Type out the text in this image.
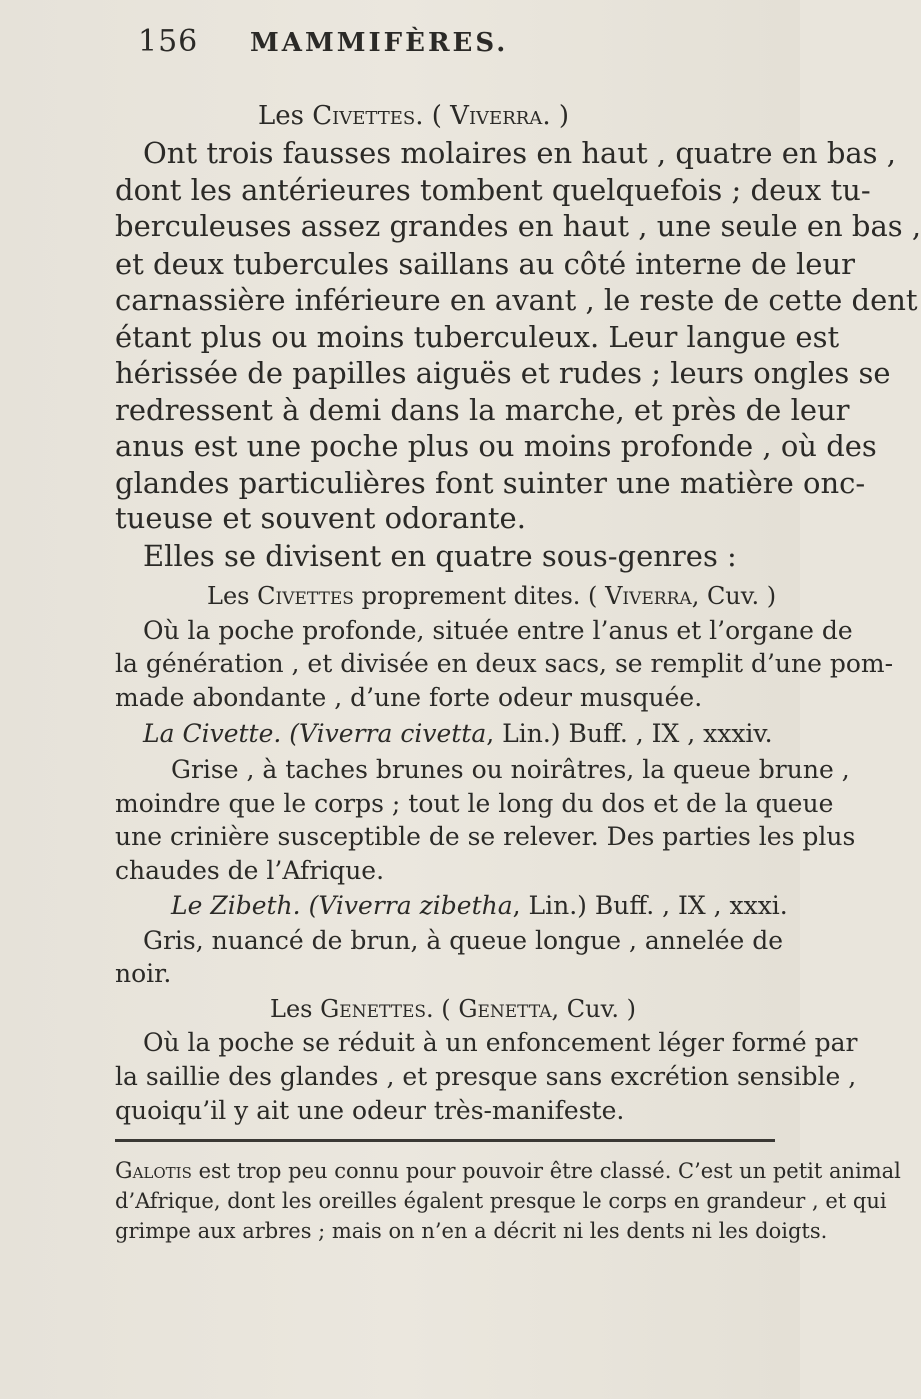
156 MAMMIFÈRES.
Les Civettes. ( Viverra. )
Ont trois fausses molaires en haut , quatre en bas ,
dont les antérieures tombent quelquefois ; deux tu-
berculeuses assez grandes en haut , une seule en bas ,
et deux tubercules saillans au côté interne de leur
carnassière inférieure en avant , le reste de cette dent
étant plus ou moins tuberculeux. Leur langue est
hérissée de papilles aiguës et rudes ; leurs ongles se
redressent à demi dans la marche, et près de leur
anus est une poche plus ou moins profonde , où des
glandes particulières font suinter une matière onc-
tueuse et souvent odorante.
Elles se divisent en quatre sous-genres :
Les Civettes proprement dites. ( Viverra, Cuv. )
Où la poche profonde, située entre l’anus et l’organe de
la génération , et divisée en deux sacs, se remplit d’une pom-
made abondante , d’une forte odeur musquée.
La Civette. (Viverra civetta, Lin.) Buff. , IX , xxxiv.
Grise , à taches brunes ou noirâtres, la queue brune ,
moindre que le corps ; tout le long du dos et de la queue
une crinière susceptible de se relever. Des parties les plus
chaudes de l’Afrique.
Le Zibeth. (Viverra zibetha, Lin.) Buff. , IX , xxxi.
Gris, nuancé de brun, à queue longue , annelée de
noir.
Les Genettes. ( Genetta, Cuv. )
Où la poche se réduit à un enfoncement léger formé par
la saillie des glandes , et presque sans excrétion sensible ,
quoiqu’il y ait une odeur très-manifeste.
Galotis est trop peu connu pour pouvoir être classé. C’est un petit animal
d’Afrique, dont les oreilles égalent presque le corps en grandeur , et qui
grimpe aux arbres ; mais on n’en a décrit ni les dents ni les doigts.
